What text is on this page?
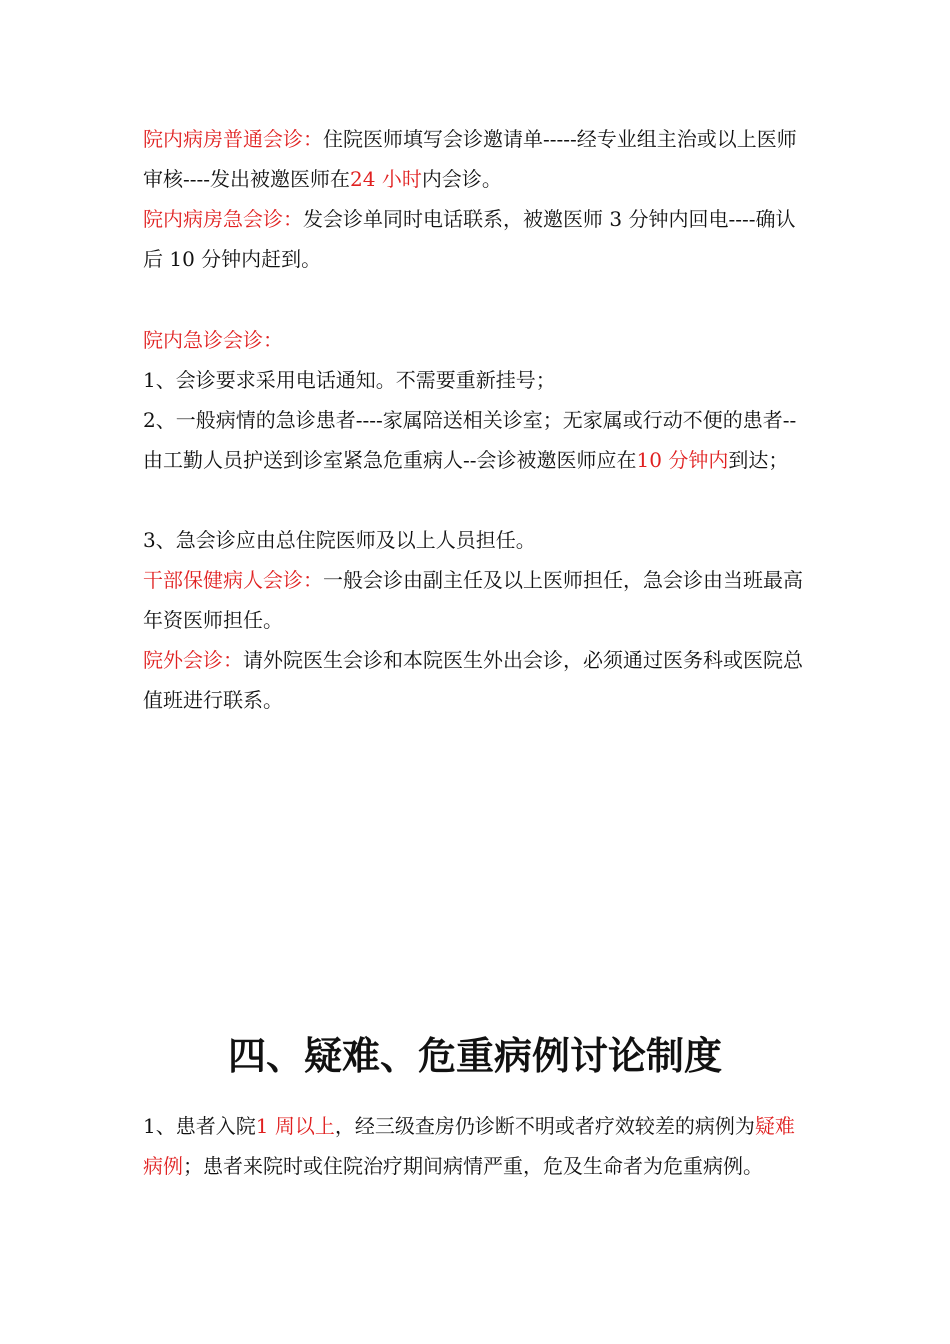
院内病房普通会诊：住院医师填写会诊邀请单-----经专业组主治或以上医师审核----发出被邀医师在24 小时内会诊。

院内病房急会诊：发会诊单同时电话联系，被邀医师 3 分钟内回电----确认后 10 分钟内赶到。

院内急诊会诊：

1、会诊要求采用电话通知。不需要重新挂号；

2、一般病情的急诊患者----家属陪送相关诊室；无家属或行动不便的患者--由工勤人员护送到诊室紧急危重病人--会诊被邀医师应在10 分钟内到达；

3、急会诊应由总住院医师及以上人员担任。

干部保健病人会诊：一般会诊由副主任及以上医师担任，急会诊由当班最高年资医师担任。

院外会诊：请外院医生会诊和本院医生外出会诊，必须通过医务科或医院总值班进行联系。

四、疑难、危重病例讨论制度

1、患者入院1 周以上，经三级查房仍诊断不明或者疗效较差的病例为疑难病例；患者来院时或住院治疗期间病情严重，危及生命者为危重病例。
